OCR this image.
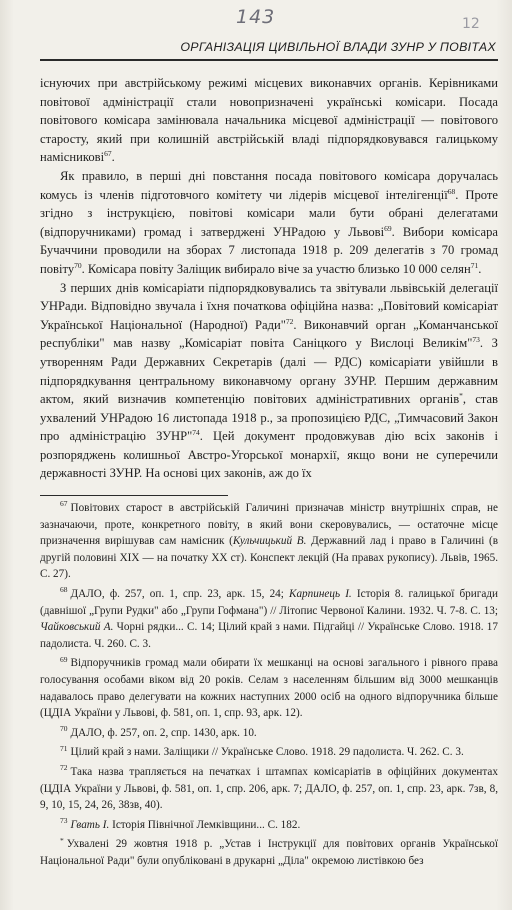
143	12
ОРГАНІЗАЦІЯ ЦИВІЛЬНОЇ ВЛАДИ ЗУНР У ПОВІТАХ

існуючих при австрійському режимі місцевих виконавчих органів. Керівниками повітової адміністрації стали новопризначені українські комісари. Посада повітового комісара замінювала начальника місцевої адміністрації — повітового старосту, який при колишній австрійській владі підпорядковувався галицькому намісникові$^{67}$.

Як правило, в перші дні повстання посада повітового комісара доручалась комусь із членів підготовчого комітету чи лідерів місцевої інтелігенції$^{68}$. Проте згідно з інструкцією, повітові комісари мали бути обрані делегатами (відпоручниками) громад і затверджені УНРадою у Львові$^{69}$. Вибори комісара Бучаччини проводили на зборах 7 листопада 1918 р. 209 делегатів з 70 громад повіту$^{70}$. Комісара повіту Заліщик вибирало віче за участю близько 10 000 селян$^{71}$.

З перших днів комісаріати підпорядковувались та звітували львівській делегації УНРади. Відповідно звучала і їхня початкова офіційна назва: „Повітовий комісаріат Української Національної (Народної) Ради"$^{72}$. Виконавчий орган „Команчанської республіки" мав назву „Комісаріат повіта Саніцкого у Вислоці Великім"$^{73}$. З утворенням Ради Державних Секретарів (далі — РДС) комісаріати увійшли в підпорядкування центральному виконавчому органу ЗУНР. Першим державним актом, який визначив компетенцію повітових адміністративних органів*, став ухвалений УНРадою 16 листопада 1918 р., за пропозицією РДС, „Тимчасовий Закон про адміністрацію ЗУНР"$^{74}$. Цей документ продовжував дію всіх законів і розпоряджень колишньої Австро-Угорської монархії, якщо вони не суперечили державності ЗУНР. На основі цих законів, аж до їх

$^{67}$ Повітових старост в австрійській Галичині призначав міністр внутрішніх справ, не зазначаючи, проте, конкретного повіту, в який вони скеровувались, — остаточне місце призначення вирішував сам намісник (Кульчицький В. Державний лад і право в Галичині (в другій половині XIX — на початку XX ст). Конспект лекцій (На правах рукопису). Львів, 1965. С. 27).

$^{68}$ ДАЛО, ф. 257, оп. 1, спр. 23, арк. 15, 24; Карпинець І. Історія 8. галицької бригади (давнішої „Групи Рудки" або „Групи Гофмана") // Літопис Червоної Калини. 1932. Ч. 7-8. С. 13; Чайковський А. Чорні рядки... С. 14; Цілий край з нами. Підгайці // Українське Слово. 1918. 17 падолиста. Ч. 260. С. 3.

$^{69}$ Відпоручників громад мали обирати їх мешканці на основі загального і рівного права голосування особами віком від 20 років. Селам з населенням більшим від 3000 мешканців надавалось право делегувати на кожних наступних 2000 осіб на одного відпоручника більше (ЦДІА України у Львові, ф. 581, оп. 1, спр. 93, арк. 12).

$^{70}$ ДАЛО, ф. 257, оп. 2, спр. 1430, арк. 10.

$^{71}$ Цілий край з нами. Заліщики // Українське Слово. 1918. 29 падолиста. Ч. 262. С. 3.

$^{72}$ Така назва трапляється на печатках і штампах комісаріатів в офіційних документах (ЦДІА України у Львові, ф. 581, оп. 1, спр. 206, арк. 7; ДАЛО, ф. 257, оп. 1, спр. 23, арк. 7зв, 8, 9, 10, 15, 24, 26, 38зв, 40).

$^{73}$ Гвать І. Історія Північної Лемківщини... С. 182.

* Ухвалені 29 жовтня 1918 р. „Устав і Інструкції для повітових органів Української Національної Ради" були опубліковані в друкарні „Діла" окремою листівкою без
